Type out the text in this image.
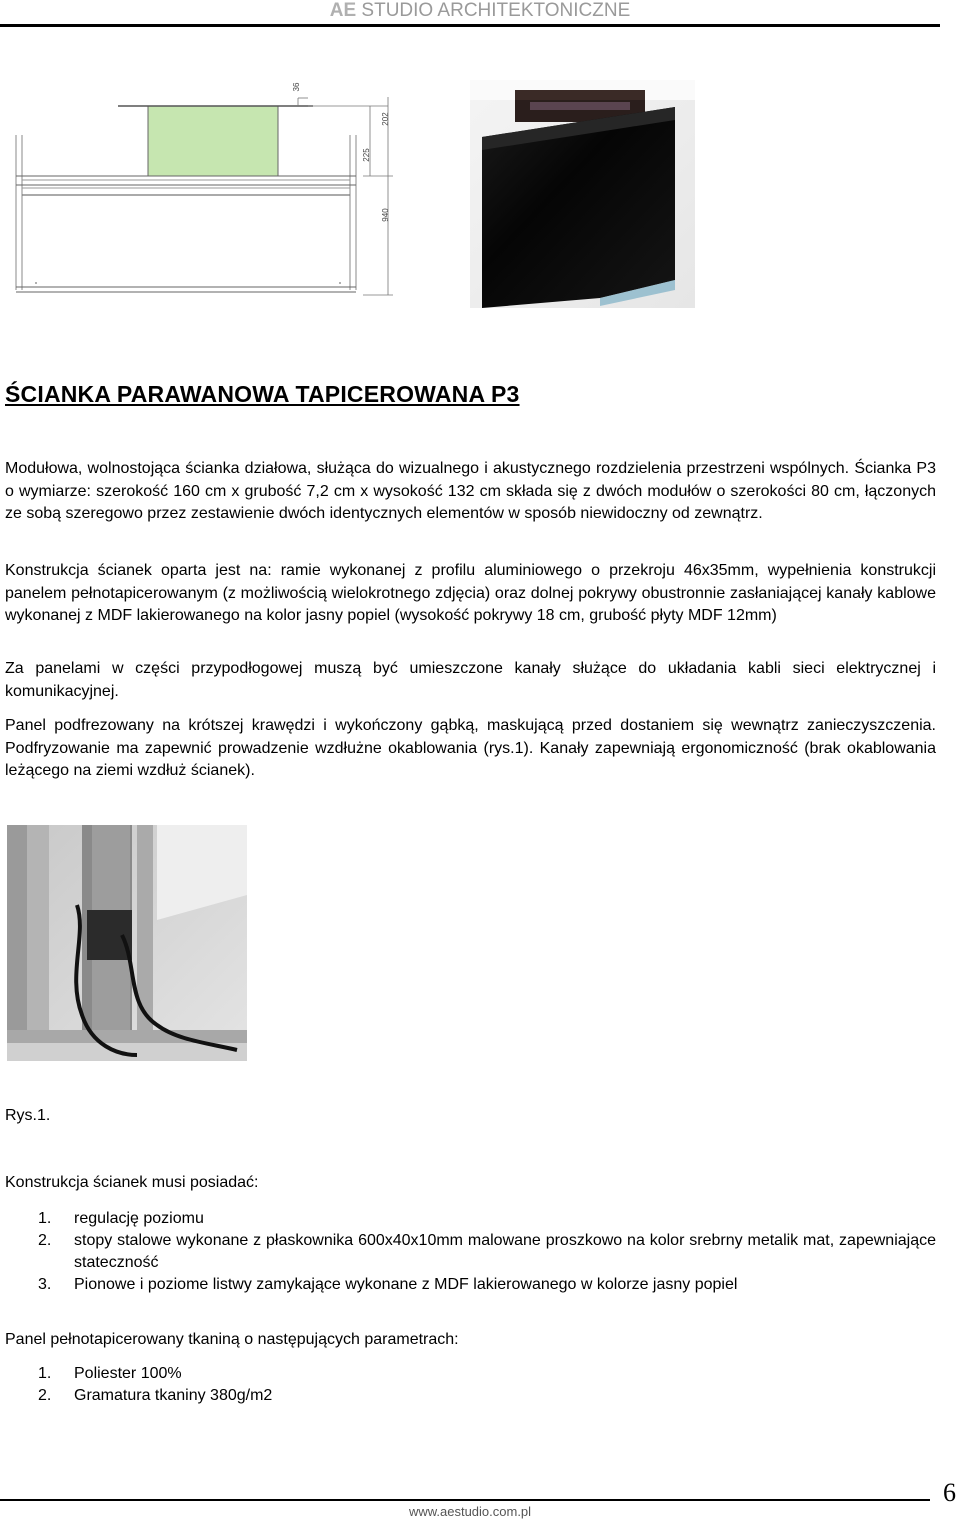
AE STUDIO ARCHITEKTONICZNE
36
202
225
940
ŚCIANKA PARAWANOWA TAPICEROWANA P3

Modułowa, wolnostojąca ścianka działowa, służąca do wizualnego i akustycznego rozdzielenia przestrzeni wspólnych. Ścianka P3 o wymiarze: szerokość 160 cm x grubość 7,2 cm x wysokość 132 cm składa się z dwóch modułów o szerokości 80 cm, łączonych ze sobą szeregowo przez zestawienie dwóch identycznych elementów w sposób niewidoczny od zewnątrz.

Konstrukcja ścianek oparta jest na: ramie wykonanej z profilu aluminiowego o przekroju 46x35mm, wypełnienia konstrukcji panelem pełnotapicerowanym (z możliwością wielokrotnego zdjęcia) oraz dolnej pokrywy obustronnie zasłaniającej kanały kablowe wykonanej z MDF lakierowanego na kolor jasny popiel (wysokość pokrywy 18 cm, grubość płyty MDF 12mm)

Za panelami w części przypodłogowej muszą być umieszczone kanały służące do układania kabli sieci elektrycznej i komunikacyjnej.

Panel podfrezowany na krótszej krawędzi i wykończony gąbką, maskującą przed dostaniem się wewnątrz zanieczyszczenia. Podfryzowanie ma zapewnić prowadzenie wzdłużne okablowania (rys.1). Kanały zapewniają ergonomiczność (brak okablowania leżącego na ziemi wzdłuż ścianek).

Rys.1.
Konstrukcja ścianek musi posiadać:
1. regulację poziomu
2. stopy stalowe wykonane z płaskownika 600x40x10mm malowane proszkowo na kolor srebrny metalik mat, zapewniające stateczność
3. Pionowe i poziome listwy zamykające wykonane z MDF lakierowanego w kolorze jasny popiel
Panel pełnotapicerowany tkaniną o następujących parametrach:
1. Poliester 100%
2. Gramatura tkaniny 380g/m2
www.aestudio.com.pl
6
